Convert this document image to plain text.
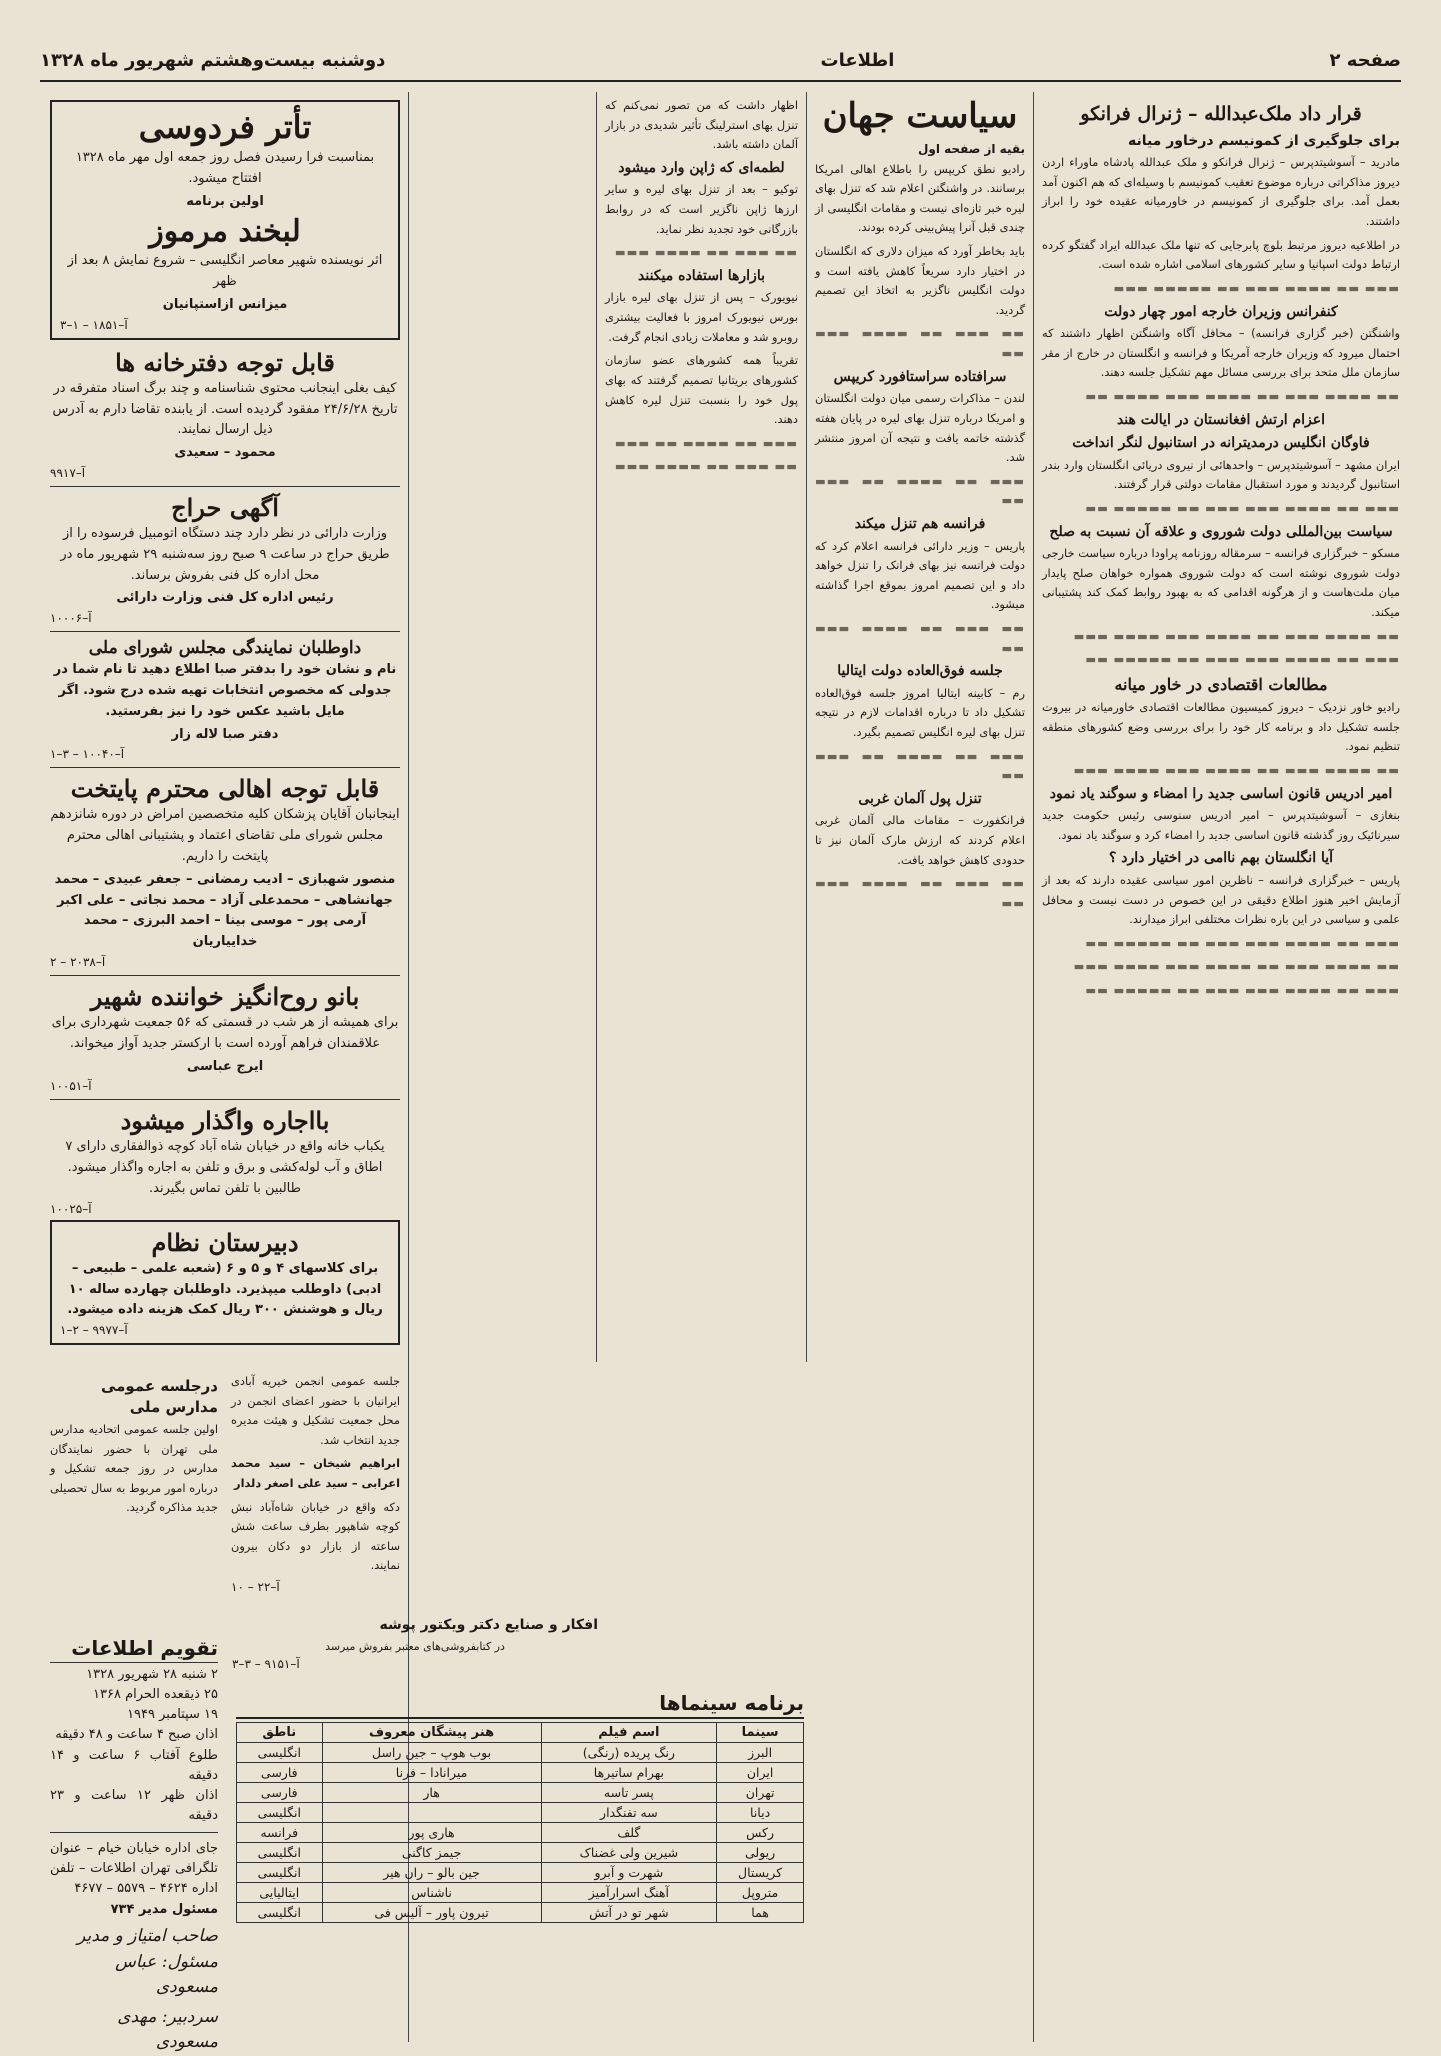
صفحه ۲
اطلاعات
دوشنبه بیست‌وهشتم شهریور ماه ۱۳۲۸
قرار داد ملک‌عبدالله – ژنرال فرانکو
برای جلوگیری از کمونیسم درخاور میانه

مادرید – آسوشیتدپرس – ژنرال فرانکو و ملک عبدالله پادشاه ماوراء اردن دیروز مذاکراتی درباره موضوع تعقیب کمونیسم با وسیله‌ای که هم اکنون آمد بعمل آمد. برای جلوگیری از کمونیسم در خاورمیانه عقیده خود را ابراز داشتند.

در اطلاعیه دیروز مرتبط بلوچ پابرجایی که تنها ملک عبدالله ایراد گفتگو کرده ارتباط دولت اسپانیا و سایر کشورهای اسلامی اشاره شده است.

▬▬▬ ▬▬ ▬▬▬▬ ▬▬▬ ▬▬ ▬▬▬▬▬ ▬▬▬

کنفرانس وزیران خارجه امور چهار دولت

واشنگتن (خبر گزاری فرانسه) – محافل آگاه واشنگتن اظهار داشتند که احتمال میرود که وزیران خارجه آمریکا و فرانسه و انگلستان در خارج از مقر سازمان ملل متحد برای بررسی مسائل مهم تشکیل جلسه دهند.

▬▬ ▬▬▬▬ ▬▬▬ ▬▬ ▬▬▬▬ ▬▬▬ ▬▬▬▬ ▬▬

اعزام ارتش افغانستان در ایالت هند
فاوگان انگلیس درمدیترانه در استانبول لنگر انداخت

ایران مشهد – آسوشیتدپرس – واحد‌هائی از نیروی دریائی انگلستان وارد بندر استانبول گردیدند و مورد استقبال مقامات دولتی قرار گرفتند.

▬▬▬ ▬▬ ▬▬▬▬ ▬▬▬ ▬▬▬ ▬▬ ▬▬▬▬▬ ▬▬

سیاست بین‌المللی دولت شوروی و علاقه آن نسبت به صلح

مسکو – خبرگزاری فرانسه – سرمقاله روزنامه پراودا درباره سیاست خارجی دولت شوروی نوشته است که دولت شوروی همواره خواهان صلح پایدار میان ملت‌هاست و از هرگونه اقدامی که به بهبود روابط کمک کند پشتیبانی میکند.

▬▬ ▬▬▬▬ ▬▬▬ ▬▬ ▬▬▬▬ ▬▬▬ ▬▬▬▬ ▬▬▬

▬▬▬ ▬▬ ▬▬▬▬ ▬▬▬ ▬▬▬ ▬▬ ▬▬▬▬▬ ▬▬

مطالعات اقتصادی در خاور میانه

رادیو خاور نزدیک – دیروز کمیسیون مطالعات اقتصادی خاورمیانه در بیروت جلسه تشکیل داد و برنامه کار خود را برای بررسی وضع کشورهای منطقه تنظیم نمود.

▬▬ ▬▬▬▬ ▬▬▬ ▬▬ ▬▬▬▬ ▬▬▬ ▬▬▬▬ ▬▬▬

امیر ادریس قانون اساسی جدید را امضاء و سوگند یاد نمود

بنغازی – آسوشیتدپرس – امیر ادریس سنوسی رئیس حکومت جدید سیرنائیک روز گذشته قانون اساسی جدید را امضاء کرد و سوگند یاد نمود.

آیا انگلستان بهم ناامی در اختیار دارد ؟

پاریس – خبرگزاری فرانسه – ناظرین امور سیاسی عقیده دارند که بعد از آزمایش اخیر هنوز اطلاع دقیقی در این خصوص در دست نیست و محافل علمی و سیاسی در این باره نظرات مختلفی ابراز میدارند.

▬▬▬ ▬▬ ▬▬▬▬ ▬▬▬ ▬▬▬ ▬▬ ▬▬▬▬▬ ▬▬

▬▬ ▬▬▬▬ ▬▬▬ ▬▬ ▬▬▬▬ ▬▬▬ ▬▬▬▬ ▬▬▬

▬▬▬ ▬▬ ▬▬▬▬ ▬▬▬ ▬▬▬ ▬▬ ▬▬▬▬▬ ▬▬

سیاست جهان
بقیه از صفحه اول

رادیو نطق کریپس را باطلاع اهالی امریکا برسانند. در واشنگتن اعلام شد که تنزل بهای لیره خبر تازه‌ای نیست و مقامات انگلیسی از چندی قبل آنرا پیش‌بینی کرده بودند.

باید بخاطر آورد که میزان دلاری که انگلستان در اختیار دارد سریعاً کاهش یافته است و دولت انگلیس ناگزیر به اتخاذ این تصمیم گردید.

▬▬ ▬▬▬ ▬▬ ▬▬▬▬ ▬▬▬ ▬▬

سرافتاده سراستافورد کریپس

لندن – مذاکرات رسمی میان دولت انگلستان و امریکا درباره تنزل بهای لیره در پایان هفته گذشته خاتمه یافت و نتیجه آن امروز منتشر شد.

▬▬▬ ▬▬ ▬▬▬▬ ▬▬ ▬▬▬ ▬▬

فرانسه هم تنزل میکند

پاریس – وزیر دارائی فرانسه اعلام کرد که دولت فرانسه نیز بهای فرانک را تنزل خواهد داد و این تصمیم امروز بموقع اجرا گذاشته میشود.

▬▬ ▬▬▬ ▬▬ ▬▬▬▬ ▬▬▬ ▬▬

جلسه فوق‌العاده دولت ایتالیا

رم – کابینه ایتالیا امروز جلسه فوق‌العاده تشکیل داد تا درباره اقدامات لازم در نتیجه تنزل بهای لیره انگلیس تصمیم بگیرد.

▬▬▬ ▬▬ ▬▬▬▬ ▬▬ ▬▬▬ ▬▬

تنزل پول آلمان غربی

فرانکفورت – مقامات مالی آلمان غربی اعلام کردند که ارزش مارک آلمان نیز تا حدودی کاهش خواهد یافت.

▬▬ ▬▬▬ ▬▬ ▬▬▬▬ ▬▬▬ ▬▬

اظهار داشت که من تصور نمی‌کنم که تنزل بهای استرلینگ تأثیر شدیدی در بازار آلمان داشته باشد.

لطمه‌ای که ژاپن وارد میشود

توکیو – بعد از تنزل بهای لیره و سایر ارزها ژاپن ناگزیر است که در روابط بازرگانی خود تجدید نظر نماید.

▬▬ ▬▬▬ ▬▬ ▬▬▬▬ ▬▬▬

بازارها استفاده میکنند

نیویورک – پس از تنزل بهای لیره بازار بورس نیویورک امروز با فعالیت بیشتری روبرو شد و معاملات زیادی انجام گرفت.

تقریباً همه کشورهای عضو سازمان کشورهای بریتانیا تصمیم گرفتند که بهای پول خود را بنسبت تنزل لیره کاهش دهند.

▬▬▬ ▬▬ ▬▬▬▬ ▬▬ ▬▬▬

▬▬ ▬▬▬ ▬▬ ▬▬▬▬ ▬▬▬

تأتر فردوسی
بمناسبت فرا رسیدن فصل روز جمعه اول مهر ماه ۱۳۲۸ افتتاح میشود.
اولین برنامه
لبخند مرموز
اثر نویسنده شهیر معاصر انگلیسی – شروع نمایش ۸ بعد از ظهر
میزانس ازاستپانیان
آ–۱۸۵۱ – ۱–۳
قابل توجه دفترخانه ها
کیف بغلی اینجانب محتوی شناسنامه و چند برگ اسناد متفرقه در تاریخ ۲۴/۶/۲۸ مفقود گردیده است. از یابنده تقاضا دارم به آدرس ذیل ارسال نمایند.
محمود – سعیدی
آ–۹۹۱۷
آگهی حراج
وزارت دارائی در نظر دارد چند دستگاه اتومبیل فرسوده را از طریق حراج در ساعت ۹ صبح روز سه‌شنبه ۲۹ شهریور ماه در محل اداره کل فنی بفروش برساند.
رئیس اداره کل فنی وزارت دارائی
آ–۱۰۰۰۶
داوطلبان نمایندگی مجلس شورای ملی
نام و نشان خود را بدفتر صبا اطلاع دهید تا نام شما در جدولی که مخصوص انتخابات تهیه شده درج شود. اگر مایل باشید عکس خود را نیز بفرستید.
دفتر صبا لاله زار
آ–۱۰۰۴۰ – ۳–۱
قابل توجه اهالی محترم پایتخت
اینجانبان آقایان پزشکان کلیه متخصصین امراض در دوره شانزدهم مجلس شورای ملی تقاضای اعتماد و پشتیبانی اهالی محترم پایتخت را داریم.
منصور شهبازی – ادیب رمضانی – جعفر عبیدی – محمد جهانشاهی – محمدعلی آزاد – محمد نجاتی – علی اکبر آرمی پور – موسی بینا – احمد البرزی – محمد خداییاریان
آ–۲۰۳۸ – ۲
بانو روح‌انگیز خواننده شهیر
برای همیشه از هر شب در قسمتی که ۵۶ جمعیت شهرداری برای علاقمندان فراهم آورده است با ارکستر جدید آواز میخواند.
ایرج عباسی
آ–۱۰۰۵۱
بااجاره واگذار میشود
یکباب خانه واقع در خیابان شاه آباد کوچه ذوالفقاری دارای ۷ اطاق و آب لوله‌کشی و برق و تلفن به اجاره واگذار میشود. طالبین با تلفن تماس بگیرند.
آ–۱۰۰۲۵
دبیرستان نظام
برای کلاسهای ۴ و ۵ و ۶ (شعبه علمی – طبیعی – ادبی) داوطلب میپذیرد. داوطلبان چهارده ساله ۱۰ ریال و هوشنش ۳۰۰ ریال کمک هزینه داده میشود.
آ–۹۹۷۷ – ۲–۱

جلسه عمومی انجمن خیریه آبادی ایرانیان با حضور اعضای انجمن در محل جمعیت تشکیل و هیئت مدیره جدید انتخاب شد.

ابراهیم شیخان – سید محمد اعرابی – سید علی اصغر دلدار

دکه واقع در خیابان شاه‌آباد نبش کوچه شاهپور بطرف ساعت شش ساعته از بازار دو دکان بیرون نمایند.

آ–۲۲ – ۱۰
درجلسه عمومی مدارس ملی

اولین جلسه عمومی اتحادیه مدارس ملی تهران با حضور نمایندگان مدارس در روز جمعه تشکیل و درباره امور مربوط به سال تحصیلی جدید مذاکره گردید.

افکار و صنایع دکتر ویکتور پوشه
در کتابفروشی‌های معتبر بفروش میرسد
آ–۹۱۵۱ – ۳–۳
تقویم اطلاعات

۲ شنبه ۲۸ شهریور ۱۳۲۸

۲۵ ذیقعده الحرام ۱۳۶۸

۱۹ سپتامبر ۱۹۴۹

اذان صبح ۴ ساعت و ۴۸ دقیقه

طلوع آفتاب ۶ ساعت و ۱۴ دقیقه

اذان ظهر ۱۲ ساعت و ۲۳ دقیقه

جای اداره خیابان خیام – عنوان تلگرافی تهران اطلاعات – تلفن اداره ۴۶۲۴ – ۵۵۷۹ – ۴۶۷۷

مسئول مدیر ۷۳۴

برنامه سینماها
سینما	اسم فیلم	هنر پیشگان معروف	ناطق
البرز	رنگ پریده (رنگی)	بوب هوپ – جین راسل	انگلیسی
ایران	بهرام ساتیرها	میرانادا – فرنا	فارسی
تهران	پسر تاسه	هار	فارسی
دیانا	سه تفنگدار		انگلیسی
رکس	گلف	هاری پور	فرانسه
ریولی	شیرین ولی غضناک	جیمز کاگنی	انگلیسی
کریستال	شهرت و آبرو	جین بالو – ران هیر	انگلیسی
متروپل	آهنگ اسرارآمیز	ناشناس	ایتالیایی
هما	شهر تو در آتش	تیرون پاور – آلیس فی	انگلیسی
صاحب امتیاز و مدیر مسئول: عباس مسعودی
سردبیر: مهدی مسعودی
